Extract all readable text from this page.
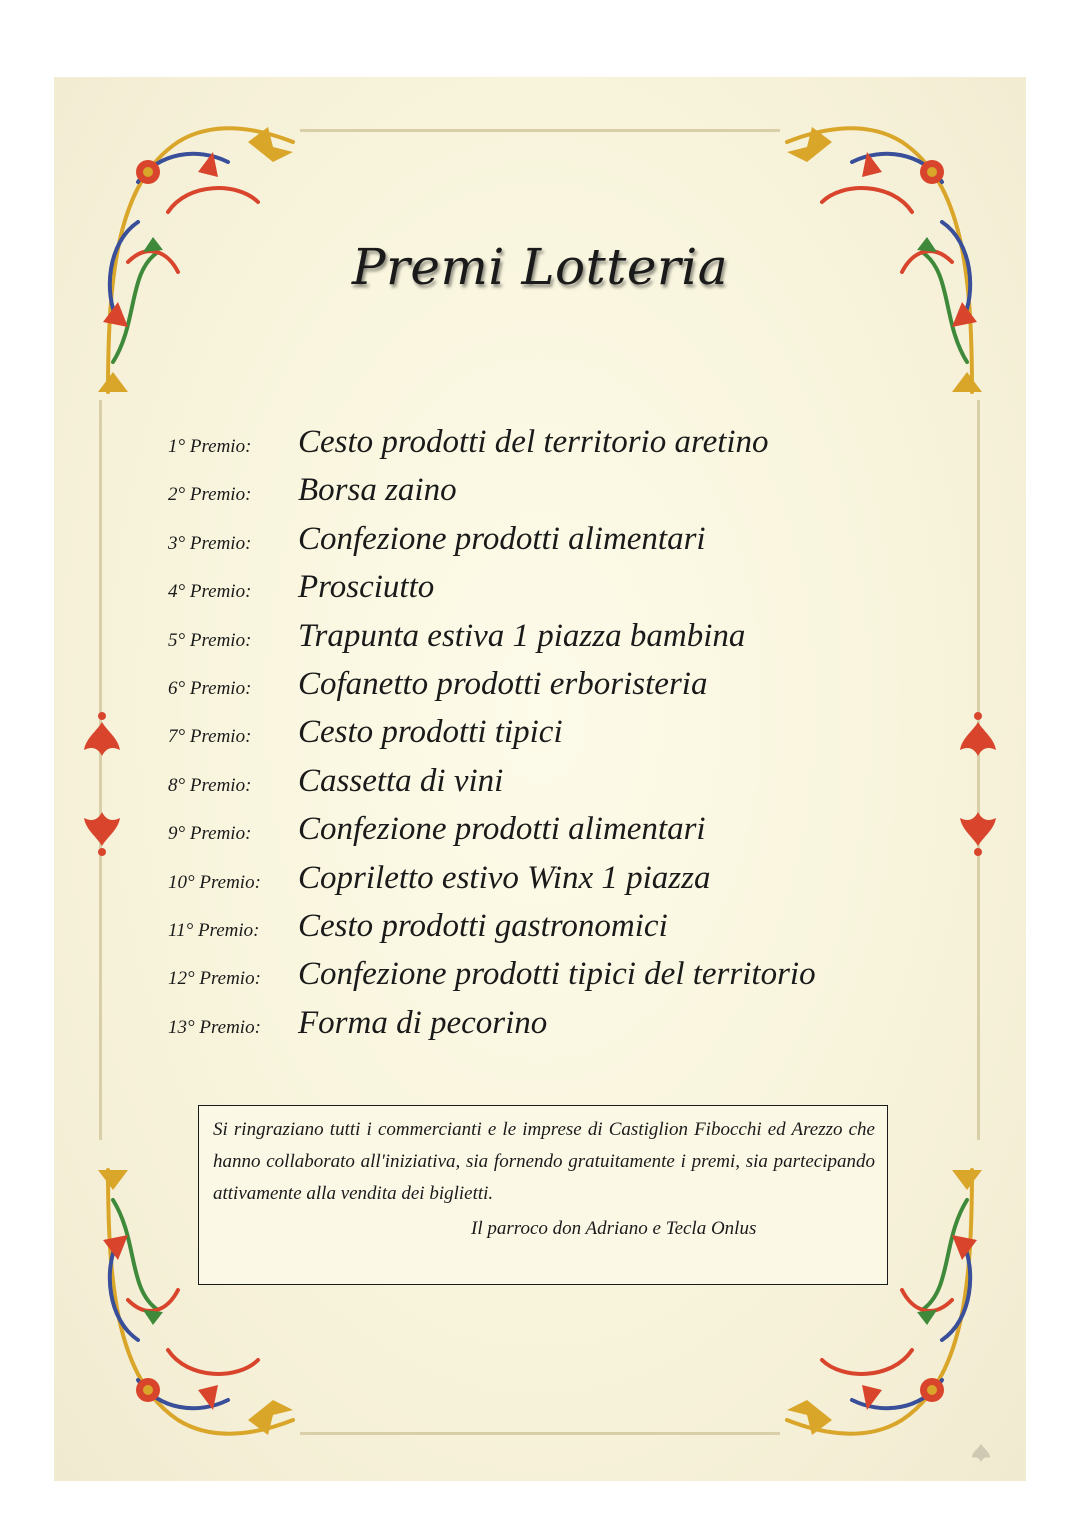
Premi Lotteria
1° Premio:	Cesto prodotti del territorio aretino
2° Premio:	Borsa zaino
3° Premio:	Confezione prodotti alimentari
4° Premio:	Prosciutto
5° Premio:	Trapunta estiva 1 piazza bambina
6° Premio:	Cofanetto prodotti erboristeria
7° Premio:	Cesto prodotti tipici
8° Premio:	Cassetta di vini
9° Premio:	Confezione prodotti alimentari
10° Premio:	Copriletto estivo Winx 1 piazza
11° Premio:	Cesto prodotti gastronomici
12° Premio:	Confezione prodotti tipici del territorio
13° Premio:	Forma di pecorino

Si ringraziano tutti i commercianti e le imprese di Castiglion Fibocchi ed Arezzo che hanno collaborato all'iniziativa, sia fornendo gratuitamente i premi, sia partecipando attivamente alla vendita dei biglietti.

Il parroco don Adriano e Tecla Onlus
